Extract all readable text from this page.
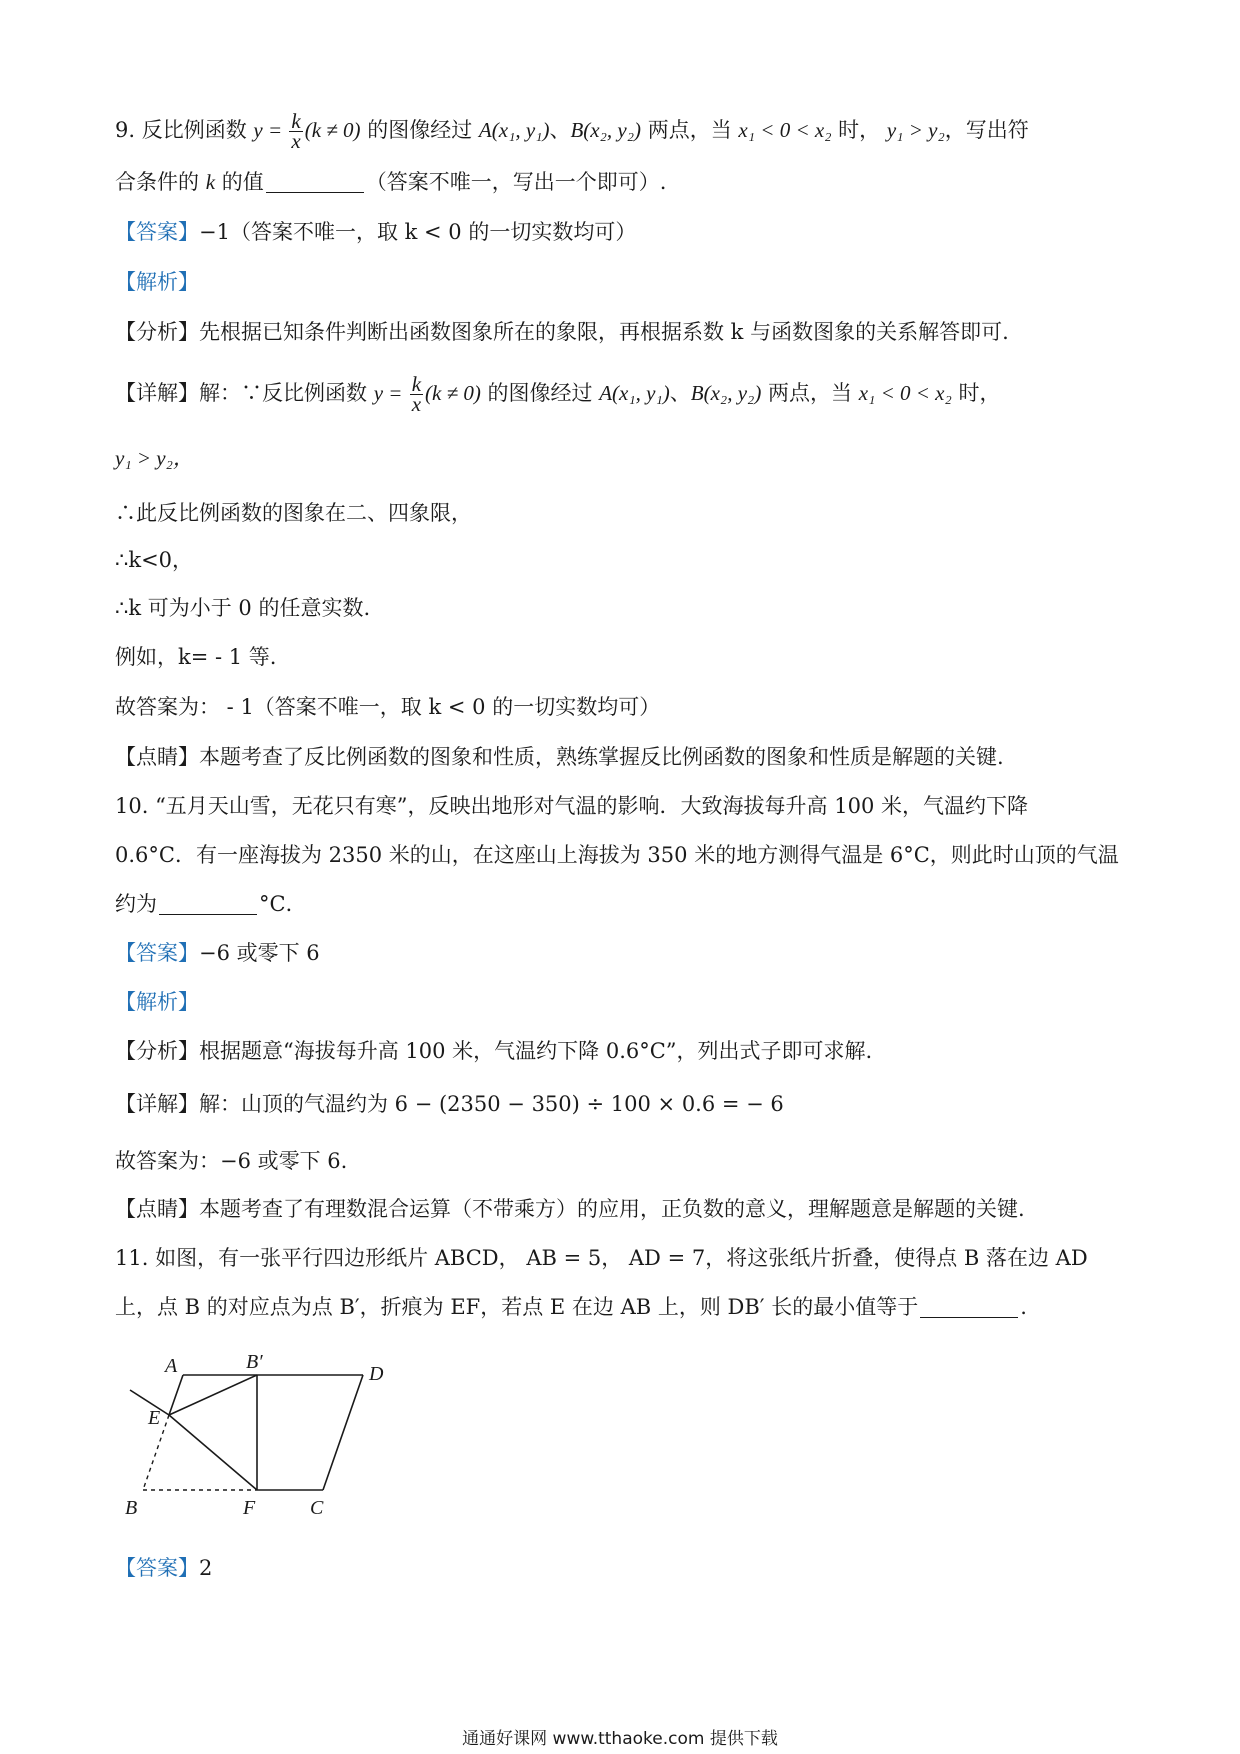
9. 反比例函数 $y = \frac{k}{x} (k \ne 0)$ 的图像经过 A(x₁, y₁)、B(x₂, y₂) 两点，当 x₁ < 0 < x₂ 时， y₁ > y₂，写出符
合条件的 k 的值	（答案不唯一，写出一个即可）.
【答案】−1（答案不唯一，取 k < 0 的一切实数均可）
【解析】
【分析】先根据已知条件判断出函数图象所在的象限，再根据系数 k 与函数图象的关系解答即可.
【详解】解：∵反比例函数 $y = \frac{k}{x} (k \ne 0)$ 的图像经过 A(x₁, y₁)、B(x₂, y₂) 两点，当 x₁ < 0 < x₂ 时，
y₁ > y₂，
∴此反比例函数的图象在二、四象限，
∴k<0，
∴k 可为小于 0 的任意实数.
例如，k= - 1 等.
故答案为： - 1（答案不唯一，取 k < 0 的一切实数均可）
【点睛】本题考查了反比例函数的图象和性质，熟练掌握反比例函数的图象和性质是解题的关键.
10. “五月天山雪，无花只有寒”，反映出地形对气温的影响．大致海拔每升高 100 米，气温约下降
0.6°C．有一座海拔为 2350 米的山，在这座山上海拔为 350 米的地方测得气温是 6°C，则此时山顶的气温
约为	°C．
【答案】−6 或零下 6
【解析】
【分析】根据题意“海拔每升高 100 米，气温约下降 0.6°C”，列出式子即可求解.
【详解】解：山顶的气温约为 6 − (2350 − 350) ÷ 100 × 0.6 = − 6
故答案为：−6 或零下 6.
【点睛】本题考查了有理数混合运算（不带乘方）的应用，正负数的意义，理解题意是解题的关键.
11. 如图，有一张平行四边形纸片 ABCD， AB = 5， AD = 7，将这张纸片折叠，使得点 B 落在边 AD
上，点 B 的对应点为点 B′，折痕为 EF，若点 E 在边 AB 上，则 DB′ 长的最小值等于	.
A	B′
D
E
B	F	C
【答案】2
通通好课网 www.tthaoke.com 提供下载
